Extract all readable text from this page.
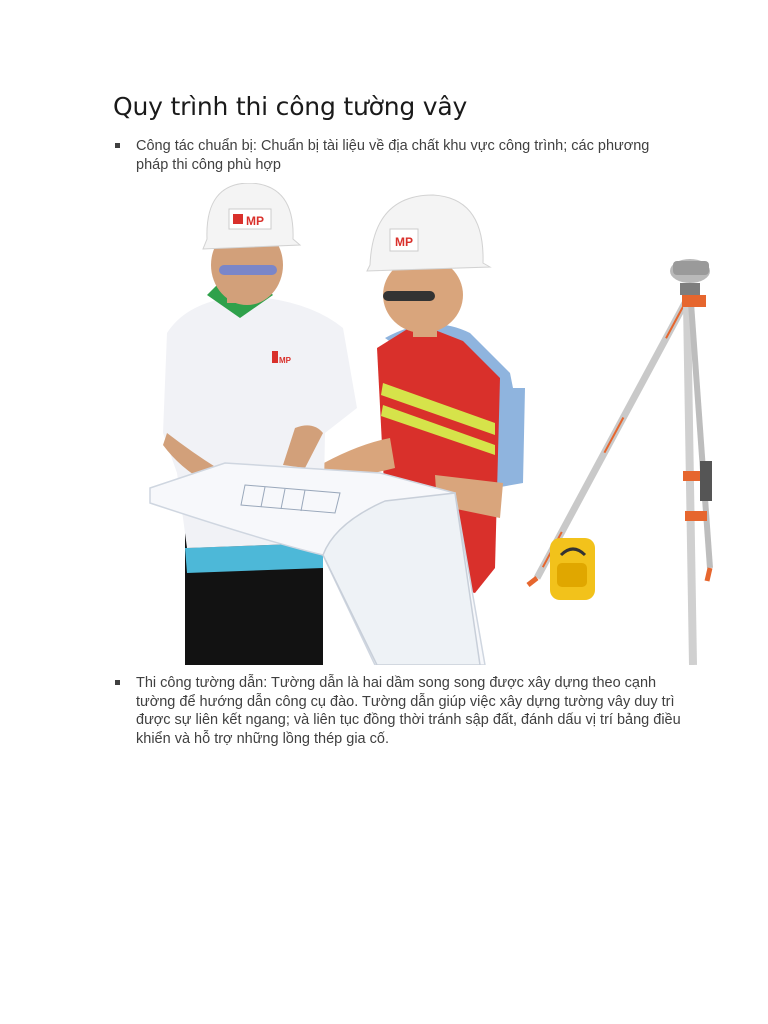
Quy trình thi công tường vây
Công tác chuẩn bị: Chuẩn bị tài liệu về địa chất khu vực công trình; các phương pháp thi công phù hợp
MP
MP
MP
Thi công tường dẫn: Tường dẫn là hai dầm song song được xây dựng theo cạnh tường để hướng dẫn công cụ đào. Tường dẫn giúp việc xây dựng tường vây duy trì được sự liên kết ngang; và liên tục đồng thời tránh sập đất, đánh dấu vị trí bảng điều khiển và hỗ trợ những lồng thép gia cố.
